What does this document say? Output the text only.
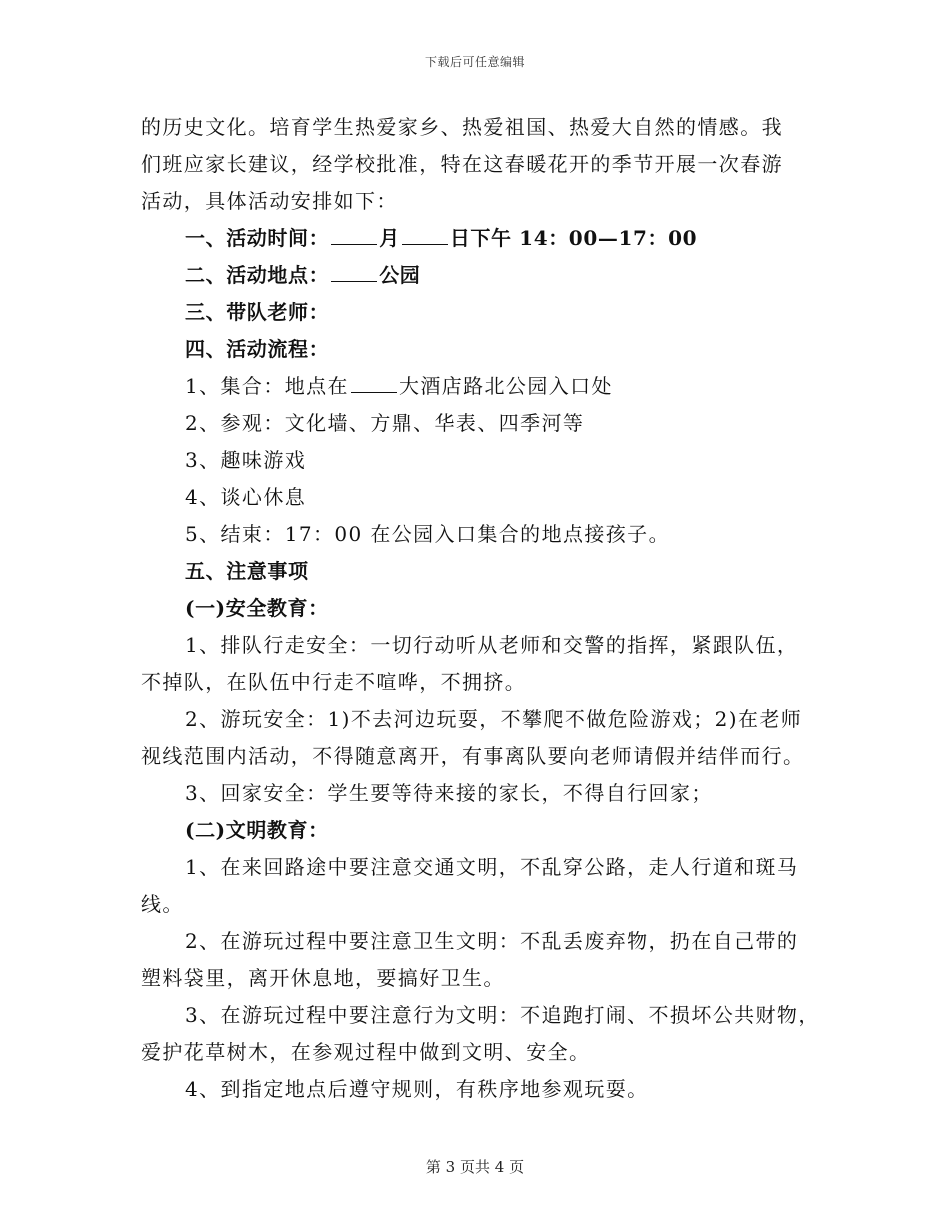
下载后可任意编辑
的历史文化。培育学生热爱家乡、热爱祖国、热爱大自然的情感。我
们班应家长建议，经学校批准，特在这春暖花开的季节开展一次春游
活动，具体活动安排如下：
一、活动时间：	月	日下午 14：00—17：00
二、活动地点：	公园
三、带队老师：
四、活动流程：
1、集合：地点在	大酒店路北公园入口处
2、参观：文化墙、方鼎、华表、四季河等
3、趣味游戏
4、谈心休息
5、结束：17：00 在公园入口集合的地点接孩子。
五、注意事项
(一)安全教育：
1、排队行走安全：一切行动听从老师和交警的指挥，紧跟队伍，
不掉队，在队伍中行走不喧哗，不拥挤。
2、游玩安全：1)不去河边玩耍，不攀爬不做危险游戏；2)在老师
视线范围内活动，不得随意离开，有事离队要向老师请假并结伴而行。
3、回家安全：学生要等待来接的家长，不得自行回家；
(二)文明教育：
1、在来回路途中要注意交通文明，不乱穿公路，走人行道和斑马
线。
2、在游玩过程中要注意卫生文明：不乱丢废弃物，扔在自己带的
塑料袋里，离开休息地，要搞好卫生。
3、在游玩过程中要注意行为文明：不追跑打闹、不损坏公共财物，
爱护花草树木，在参观过程中做到文明、安全。
4、到指定地点后遵守规则，有秩序地参观玩耍。
第 3 页共 4 页
